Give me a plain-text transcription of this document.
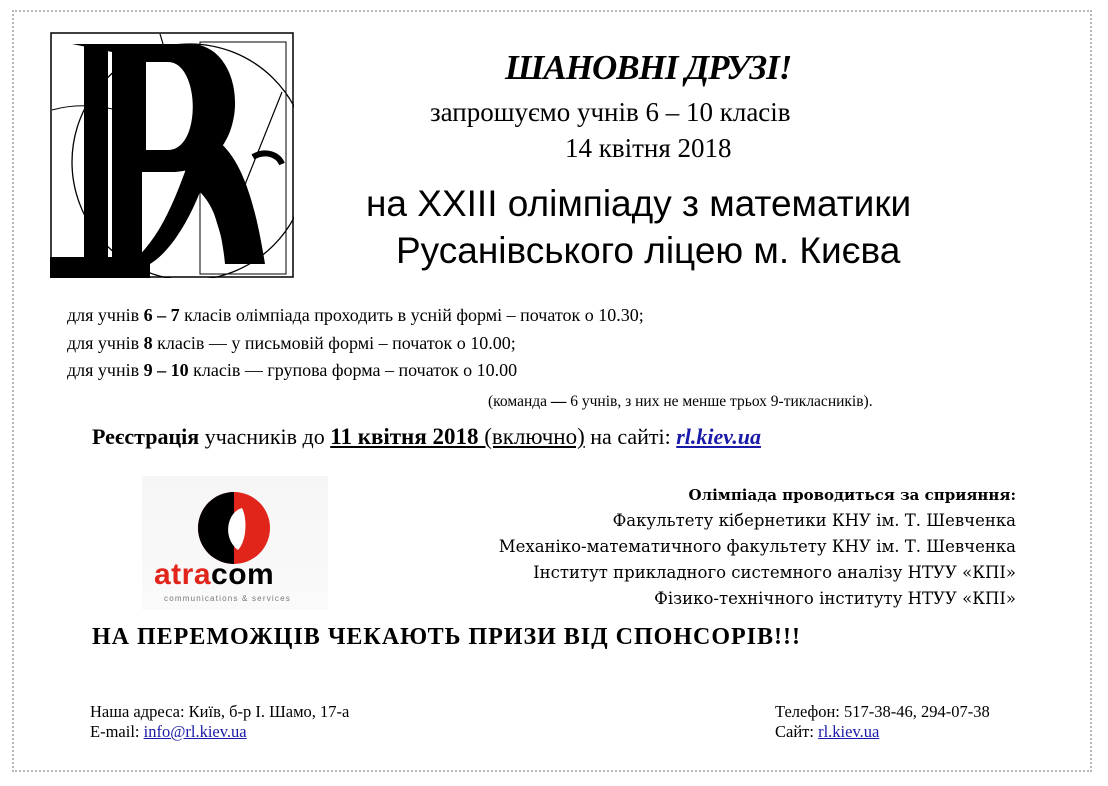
ШАНОВНІ ДРУЗІ!
запрошуємо учнів 6 – 10 класів
14 квітня 2018
на ХХІІІ олімпіаду з математики
Русанівського ліцею м. Києва
для учнів 6 – 7 класів олімпіада проходить в усній формі – початок о 10.30;
для учнів 8 класів — у письмовій формі – початок о 10.00;
для учнів 9 – 10 класів — групова форма – початок о 10.00
(команда — 6 учнів, з них не менше трьох 9-тикласників).
Реєстрація учасників до 11 квітня 2018 (включно) на сайті: rl.kiev.ua
atracom
communications & services
Олімпіада проводиться за сприяння:
Факультету кібернетики КНУ ім. Т. Шевченка
Механіко-математичного факультету КНУ ім. Т. Шевченка
Інститут прикладного системного аналізу НТУУ «КПІ»
Фізико-технічного інституту НТУУ «КПІ»
НА ПЕРЕМОЖЦІВ ЧЕКАЮТЬ ПРИЗИ ВІД СПОНСОРІВ!!!
Наша адреса: Київ, б-р І. Шамо, 17-а
E-mail: info@rl.kiev.ua
Телефон: 517-38-46, 294-07-38
Сайт: rl.kiev.ua
